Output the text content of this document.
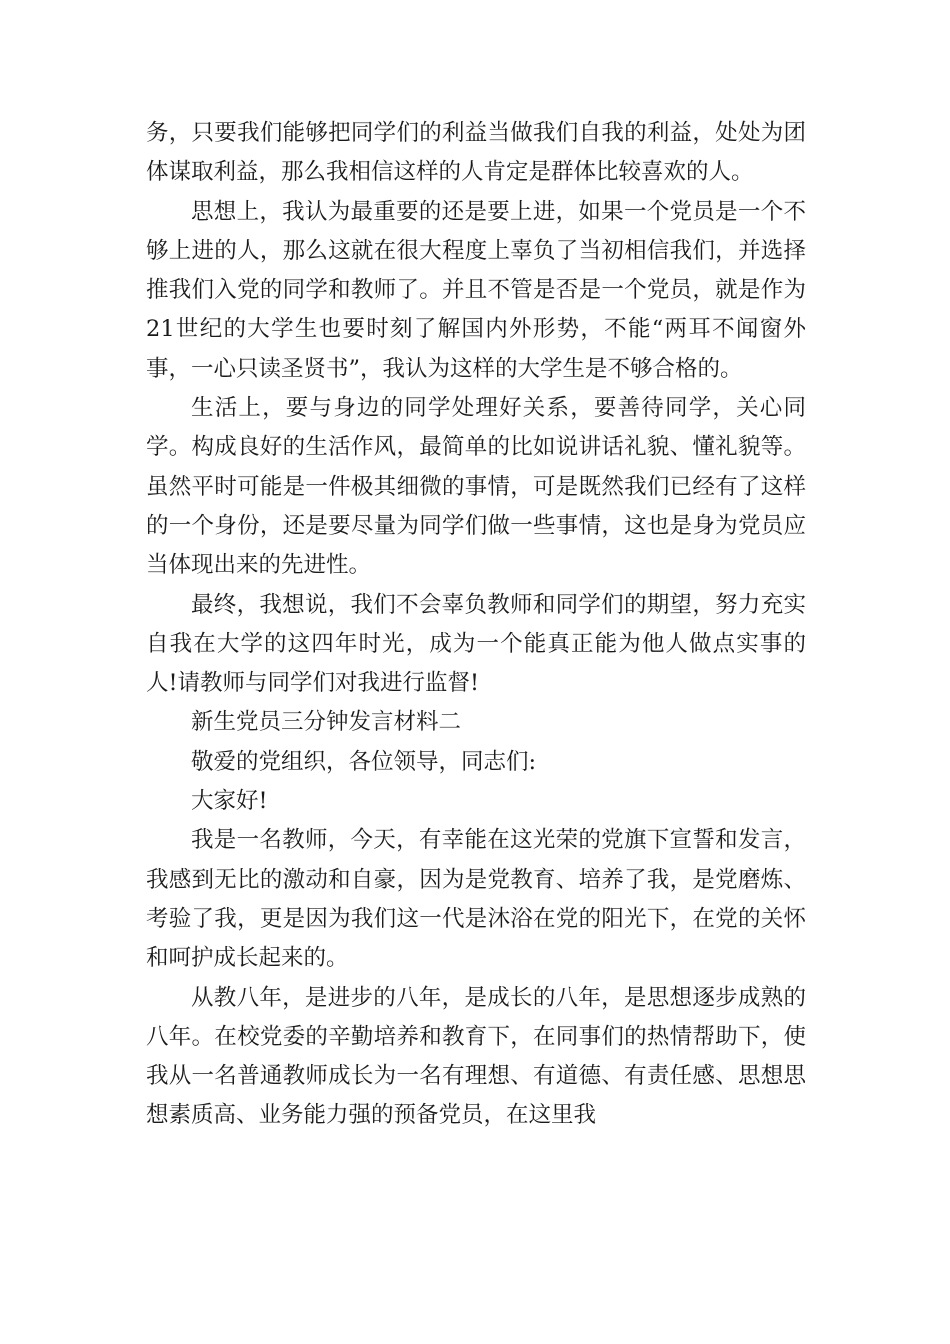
务，只要我们能够把同学们的利益当做我们自我的利益，处处为团体谋取利益，那么我相信这样的人肯定是群体比较喜欢的人。

思想上，我认为最重要的还是要上进，如果一个党员是一个不够上进的人，那么这就在很大程度上辜负了当初相信我们，并选择推我们入党的同学和教师了。并且不管是否是一个党员，就是作为21世纪的大学生也要时刻了解国内外形势，不能“两耳不闻窗外事，一心只读圣贤书”，我认为这样的大学生是不够合格的。

生活上，要与身边的同学处理好关系，要善待同学，关心同学。构成良好的生活作风，最简单的比如说讲话礼貌、懂礼貌等。虽然平时可能是一件极其细微的事情，可是既然我们已经有了这样的一个身份，还是要尽量为同学们做一些事情，这也是身为党员应当体现出来的先进性。

最终，我想说，我们不会辜负教师和同学们的期望，努力充实自我在大学的这四年时光，成为一个能真正能为他人做点实事的人!请教师与同学们对我进行监督!

新生党员三分钟发言材料二

敬爱的党组织，各位领导，同志们:

大家好!

我是一名教师，今天，有幸能在这光荣的党旗下宣誓和发言，我感到无比的激动和自豪，因为是党教育、培养了我，是党磨炼、考验了我，更是因为我们这一代是沐浴在党的阳光下，在党的关怀和呵护成长起来的。

从教八年，是进步的八年，是成长的八年，是思想逐步成熟的八年。在校党委的辛勤培养和教育下，在同事们的热情帮助下，使我从一名普通教师成长为一名有理想、有道德、有责任感、思想思想素质高、业务能力强的预备党员，在这里我
